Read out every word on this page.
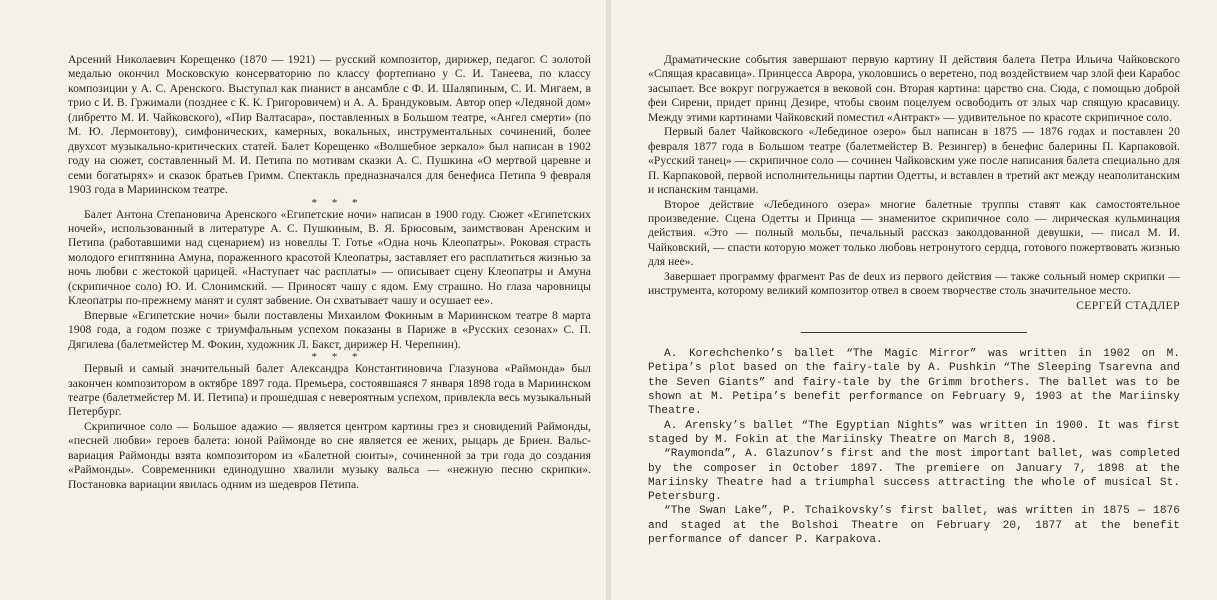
Арсений Николаевич Корещенко (1870 — 1921) — русский композитор, дирижер, педагог. С золотой медалью окончил Московскую консерваторию по классу фортепиано у С. И. Танеева, по классу композиции у А. С. Аренского. Выступал как пианист в ансамбле с Ф. И. Шаляпиным, С. И. Мигаем, в трио с И. В. Гржимали (позднее с К. К. Григоровичем) и А. А. Брандуковым. Автор опер «Ледяной дом» (либретто М. И. Чайковского), «Пир Валтасара», поставленных в Большом театре, «Ангел смерти» (по М. Ю. Лермонтову), симфонических, камерных, вокальных, инструментальных сочинений, более двухсот музыкально-критических статей. Балет Корещенко «Волшебное зеркало» был написан в 1902 году на сюжет, составленный М. И. Петипа по мотивам сказки А. С. Пушкина «О мертвой царевне и семи богатырях» и сказок братьев Гримм. Спектакль предназначался для бенефиса Петипа 9 февраля 1903 года в Мариинском театре.

* * *

Балет Антона Степановича Аренского «Египетские ночи» написан в 1900 году. Сюжет «Египетских ночей», использованный в литературе А. С. Пушкиным, В. Я. Брюсовым, заимствован Аренским и Петипа (работавшими над сценарием) из новеллы Т. Готье «Одна ночь Клеопатры». Роковая страсть молодого египтянина Амуна, пораженного красотой Клеопатры, заставляет его расплатиться жизнью за ночь любви с жестокой царицей. «Наступает час расплаты» — описывает сцену Клеопатры и Амуна (скрипичное соло) Ю. И. Слонимский. — Приносят чашу с ядом. Ему страшно. Но глаза чаровницы Клеопатры по-прежнему манят и сулят забвение. Он схватывает чашу и осушает ее».

Впервые «Египетские ночи» были поставлены Михаилом Фокиным в Мариинском театре 8 марта 1908 года, а годом позже с триумфальным успехом показаны в Париже в «Русских сезонах» С. П. Дягилева (балетмейстер М. Фокин, художник Л. Бакст, дирижер Н. Черепнин).

* * *

Первый и самый значительный балет Александра Константиновича Глазунова «Раймонда» был закончен композитором в октябре 1897 года. Премьера, состоявшаяся 7 января 1898 года в Мариинском театре (балетмейстер М. И. Петипа) и прошедшая с невероятным успехом, привлекла весь музыкальный Петербург.

Скрипичное соло — Большое адажио — является центром картины грез и сновидений Раймонды, «песней любви» героев балета: юной Раймонде во сне является ее жених, рыцарь де Бриен. Вальс-вариация Раймонды взята композитором из «Балетной сюиты», сочиненной за три года до создания «Раймонды». Современники единодушно хвалили музыку вальса — «нежную песню скрипки». Постановка вариации явилась одним из шедевров Петипа.

Драматические события завершают первую картину II действия балета Петра Ильича Чайковского «Спящая красавица». Принцесса Аврора, уколовшись о веретено, под воздействием чар злой феи Карабос засыпает. Все вокруг погружается в вековой сон. Вторая картина: царство сна. Сюда, с помощью доброй феи Сирени, придет принц Дезире, чтобы своим поцелуем освободить от злых чар спящую красавицу. Между этими картинами Чайковский поместил «Антракт» — удивительное по красоте скрипичное соло.

Первый балет Чайковского «Лебединое озеро» был написан в 1875 — 1876 годах и поставлен 20 февраля 1877 года в Большом театре (балетмейстер В. Резингер) в бенефис балерины П. Карпаковой. «Русский танец» — скрипичное соло — сочинен Чайковским уже после написания балета специально для П. Карпаковой, первой исполнительницы партии Одетты, и вставлен в третий акт между неаполитанским и испанским танцами.

Второе действие «Лебединого озера» многие балетные труппы ставят как самостоятельное произведение. Сцена Одетты и Принца — знаменитое скрипичное соло — лирическая кульминация действия. «Это — полный мольбы, печальный рассказ заколдованной девушки, — писал М. И. Чайковский, — спасти которую может только любовь нетронутого сердца, готового пожертвовать жизнью для нее».

Завершает программу фрагмент Pas de deux из первого действия — также сольный номер скрипки — инструмента, которому великий композитор отвел в своем творчестве столь значительное место.

СЕРГЕЙ СТАДЛЕР

A. Korechchenko’s ballet “The Magic Mirror” was written in 1902 on M. Petipa’s plot based on the fairy-tale by A. Pushkin “The Sleeping Tsarevna and the Seven Giants” and fairy-tale by the Grimm brothers. The ballet was to be shown at M. Petipa’s benefit performance on February 9, 1903 at the Mariinsky Theatre.

A. Arensky’s ballet “The Egyptian Nights” was written in 1900. It was first staged by M. Fokin at the Mariinsky Theatre on March 8, 1908.

“Raymonda”, A. Glazunov’s first and the most important ballet, was completed by the composer in October 1897. The premiere on January 7, 1898 at the Mariinsky Theatre had a triumphal success attracting the whole of musical St. Petersburg.

“The Swan Lake”, P. Tchaikovsky’s first ballet, was written in 1875 — 1876 and staged at the Bolshoi Theatre on February 20, 1877 at the benefit performance of dancer P. Karpakova.
